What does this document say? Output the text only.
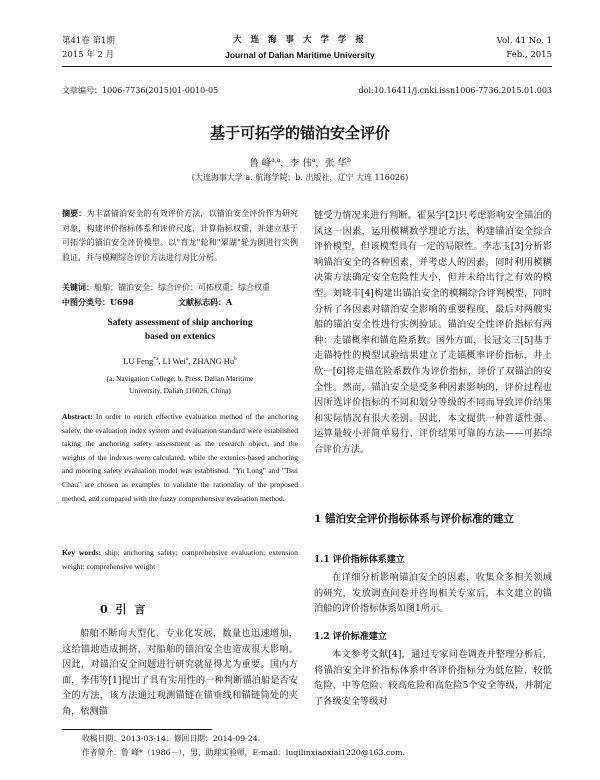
第41卷 第1期
2015 年 2 月
大 连 海 事 大 学 学 报
Journal of Dalian Maritime University
Vol. 41 No. 1
Feb., 2015
文章编号：1006-7736(2015)01-0010-05	doi:10.16411/j.cnki.issn1006-7736.2015.01.003
基于可拓学的锚泊安全评价
鲁 峰$^{a,a}$，李 伟$^a$，张 华$^b$
(大连海事大学 a. 航海学院；b. 出版社，辽宁 大连 116026)
摘要：为丰富锚泊安全的有效评价方法，以锚泊安全评价作为研究对象，构建评价指标体系和评价尺度，计算指标权重，并建立基于可拓学的锚泊安全评价模型。以"育龙"轮和"翠湖"轮为例进行实例验证，并与模糊综合评价方法进行对比分析。
关键词：船舶；锚泊安全；综合评价；可拓权重；综合权重
中图分类号：U698	文献标志码：A
Safety assessment of ship anchoring
based on extenics
LU Feng$^{*a}$, LI Wei$^a$, ZHANG Hu$^b$
(a. Navigation College; b. Press, Dalian Maritime
University, Dalian 116026, China)
Abstract: In order to enrich effective evaluation method of the anchoring safety, the evaluation index system and evaluation standard were established taking the anchoring safety assessment as the research object, and the weights of the indexes were calculated, while the extenics-based anchoring and mooring safety evaluation model was established. "Yu Long" and "Tsui Chau" are chosen as examples to validate the rationality of the proposed method, and compared with the fuzzy comprehensive evaluation method.
Key words: ship; anchoring safety; comprehensive evaluation; extension weight; comprehensive weight
0 引 言
船舶不断向大型化、专业化发展，数量也迅速增加，这给锚地造成拥挤，对船舶的锚泊安全也造成很大影响。因此，对锚泊安全问题进行研究就显得尤为重要。国内方面，李伟等[1]提出了具有实用性的一种判断锚泊船是否安全的方法，该方法通过观测锚链在锚垂线和锚链筒处的夹角，依测锚
链受力情况来进行判断。霍杲字[2]只考虑影响安全锚泊的风这一因素，运用模糊数学理论方法，构建锚泊安全综合评价模型，但该模型具有一定的局限性。李志玉[3]分析影响锚泊安全的各种因素，并考虑人的因素，同时利用模糊决策方法确定安全危险性大小，但并未给出行之有效的模型。刘晓丰[4]构建出锚泊安全的模糊综合评判模型，同时分析了各因素对锚泊安全影响的重要程度，最后对两艘实船的锚泊安全性进行实例验证。锚泊安全性评价指标有两种：走锚概率和锚危险系数。国外方面，长冠文三[5]基于走锚特性的模型试验结果建立了走锚概率评价指标，井上欣一[6]将走锚危险系数作为评价指标，评价了双锚泊的安全性。然而，锚泊安全是受多种因素影响的，评价过程也因所选评价指标的不同和划分等级的不同而导致评价结果和实际情况有很大差别。因此，本文提供一种普适性强、运算量较小并简单易行、评价结果可靠的方法——可拓综合评价方法。
1 锚泊安全评价指标体系与评价标准的建立
1.1 评价指标体系建立
在详细分析影响锚泊安全的因素，收集众多相关领域的研究，发放调查问卷并咨询相关专家后，本文建立的锚泊船的评价指标体系如图1所示。
1.2 评价标准建立
本文参考文献[4]，通过专家问卷调查并整理分析后，将锚泊安全评价指标体系中各评价指标分为低危险、较低危险、中等危险、较高危险和高危险5个安全等级，并制定了各级安全等级对
收稿日期：2013-03-14；修回日期：2014-09-24.
作者简介：鲁 峰*（1986－），男，助理实验师，E-mail：luqilinxiaoxiai1220@163.com.
